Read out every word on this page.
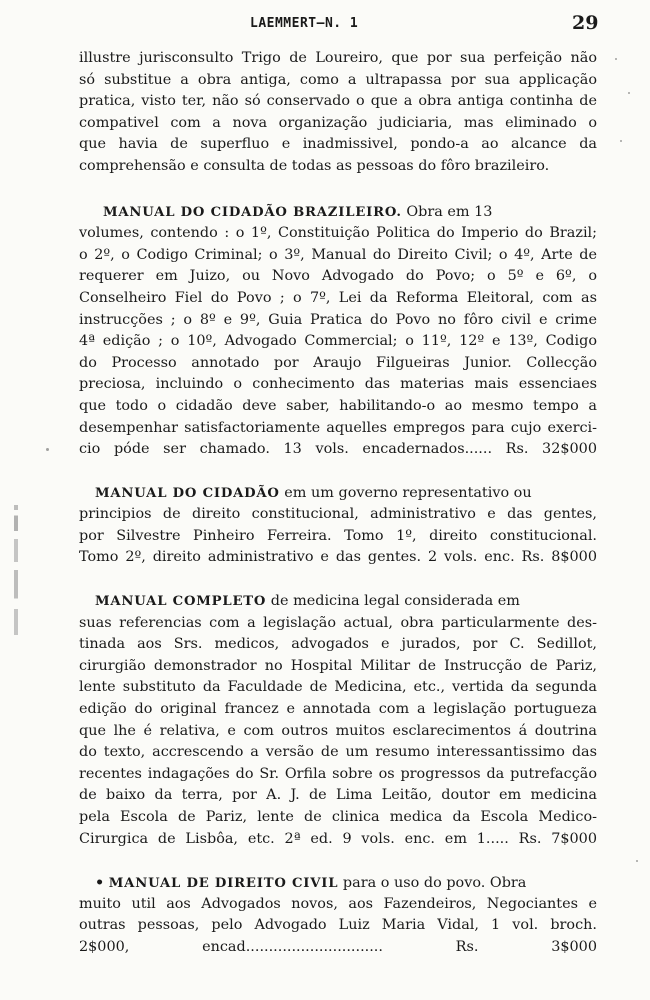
LAEMMERT—N. 1	29
illustre jurisconsulto Trigo de Loureiro, que por sua perfeição não
só substitue a obra antiga, como a ultrapassa por sua applicação
pratica, visto ter, não só conservado o que a obra antiga continha de
compativel com a nova organização judiciaria, mas eliminado o
que havia de superfluo e inadmissivel, pondo-a ao alcance da
comprehensão e consulta de todas as pessoas do fôro brazileiro.
MANUAL DO CIDADÃO BRAZILEIRO. Obra em 13
volumes, contendo : o 1º, Constituição Politica do Imperio do Brazil;
o 2º, o Codigo Criminal; o 3º, Manual do Direito Civil; o 4º, Arte de
requerer em Juizo, ou Novo Advogado do Povo; o 5º e 6º, o
Conselheiro Fiel do Povo ; o 7º, Lei da Reforma Eleitoral, com as
instrucções ; o 8º e 9º, Guia Pratica do Povo no fôro civil e crime
4ª edição ; o 10º, Advogado Commercial; o 11º, 12º e 13º, Codigo
do Processo annotado por Araujo Filgueiras Junior. Collecção
preciosa, incluindo o conhecimento das materias mais essenciaes
que todo o cidadão deve saber, habilitando-o ao mesmo tempo a
desempenhar satisfactoriamente aquelles empregos para cujo exerci-
cio póde ser chamado. 13 vols. encadernados...... Rs. 32$000
MANUAL DO CIDADÃO em um governo representativo ou
principios de direito constitucional, administrativo e das gentes,
por Silvestre Pinheiro Ferreira. Tomo 1º, direito constitucional.
Tomo 2º, direito administrativo e das gentes. 2 vols. enc. Rs. 8$000
MANUAL COMPLETO de medicina legal considerada em
suas referencias com a legislação actual, obra particularmente des-
tinada aos Srs. medicos, advogados e jurados, por C. Sedillot,
cirurgião demonstrador no Hospital Militar de Instrucção de Pariz,
lente substituto da Faculdade de Medicina, etc., vertida da segunda
edição do original francez e annotada com a legislação portugueza
que lhe é relativa, e com outros muitos esclarecimentos á doutrina
do texto, accrescendo a versão de um resumo interessantissimo das
recentes indagações do Sr. Orfila sobre os progressos da putrefacção
de baixo da terra, por A. J. de Lima Leitão, doutor em medicina
pela Escola de Pariz, lente de clinica medica da Escola Medico-
Cirurgica de Lisbôa, etc. 2ª ed. 9 vols. enc. em 1..... Rs. 7$000
• MANUAL DE DIREITO CIVIL para o uso do povo. Obra
muito util aos Advogados novos, aos Fazendeiros, Negociantes e
outras pessoas, pelo Advogado Luiz Maria Vidal, 1 vol. broch.
2$000, encad.............................. Rs. 3$000
